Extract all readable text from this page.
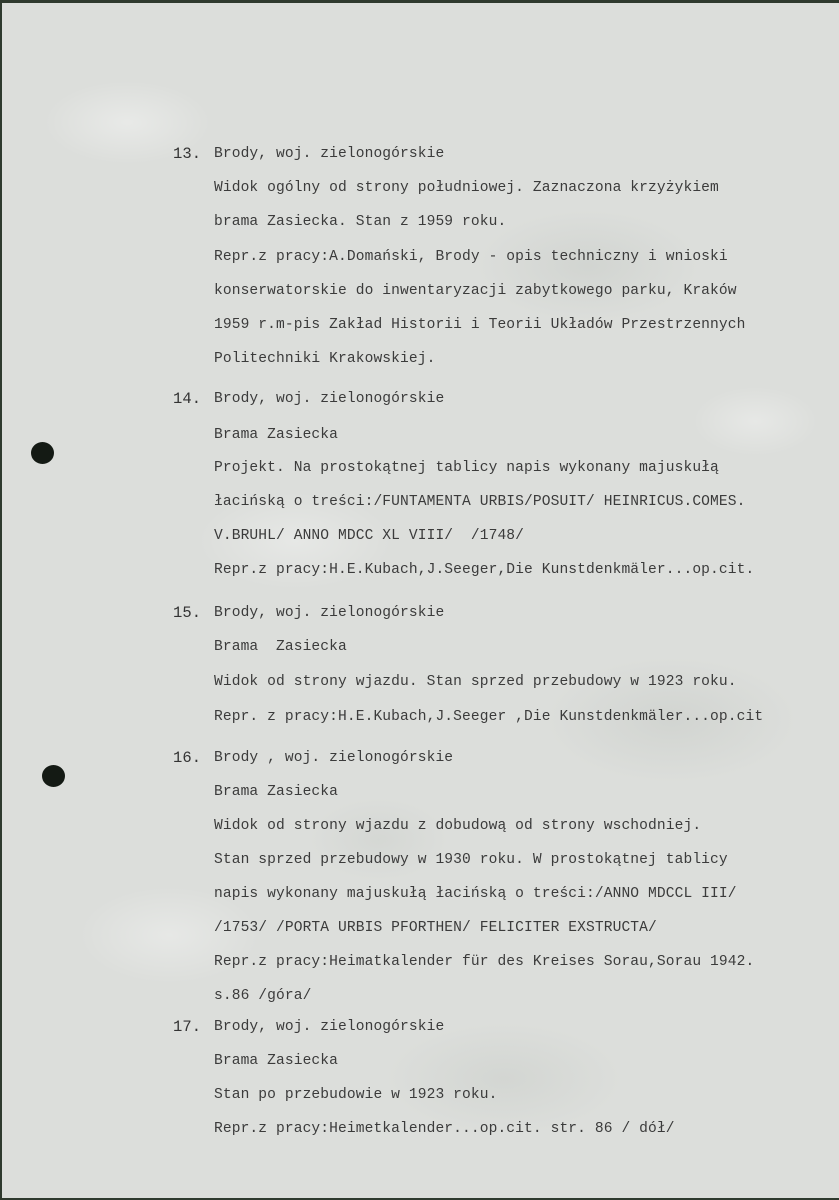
13. Brody, woj. zielonogórskie
Widok ogólny od strony południowej. Zaznaczona krzyżykiem
brama Zasiecka. Stan z 1959 roku.
Repr.z pracy:A.Domański, Brody - opis techniczny i wnioski
konserwatorskie do inwentaryzacji zabytkowego parku, Kraków
1959 r.m-pis Zakład Historii i Teorii Układów Przestrzennych
Politechniki Krakowskiej.
14. Brody, woj. zielonogórskie
Brama Zasiecka
Projekt. Na prostokątnej tablicy napis wykonany majuskułą
łacińską o treści:/FUNTAMENTA URBIS/POSUIT/ HEINRICUS.COMES.
V.BRUHL/ ANNO MDCC XL VIII/  /1748/
Repr.z pracy:H.E.Kubach,J.Seeger,Die Kunstdenkmäler...op.cit.
15. Brody, woj. zielonogórskie
Brama  Zasiecka
Widok od strony wjazdu. Stan sprzed przebudowy w 1923 roku.
Repr. z pracy:H.E.Kubach,J.Seeger ,Die Kunstdenkmäler...op.cit
16. Brody , woj. zielonogórskie
Brama Zasiecka
Widok od strony wjazdu z dobudową od strony wschodniej.
Stan sprzed przebudowy w 1930 roku. W prostokątnej tablicy
napis wykonany majuskułą łacińską o treści:/ANNO MDCCL III/
/1753/ /PORTA URBIS PFORTHEN/ FELICITER EXSTRUCTA/
Repr.z pracy:Heimatkalender für des Kreises Sorau,Sorau 1942.
s.86 /góra/
17. Brody, woj. zielonogórskie
Brama Zasiecka
Stan po przebudowie w 1923 roku.
Repr.z pracy:Heimetkalender...op.cit. str. 86 / dół/
